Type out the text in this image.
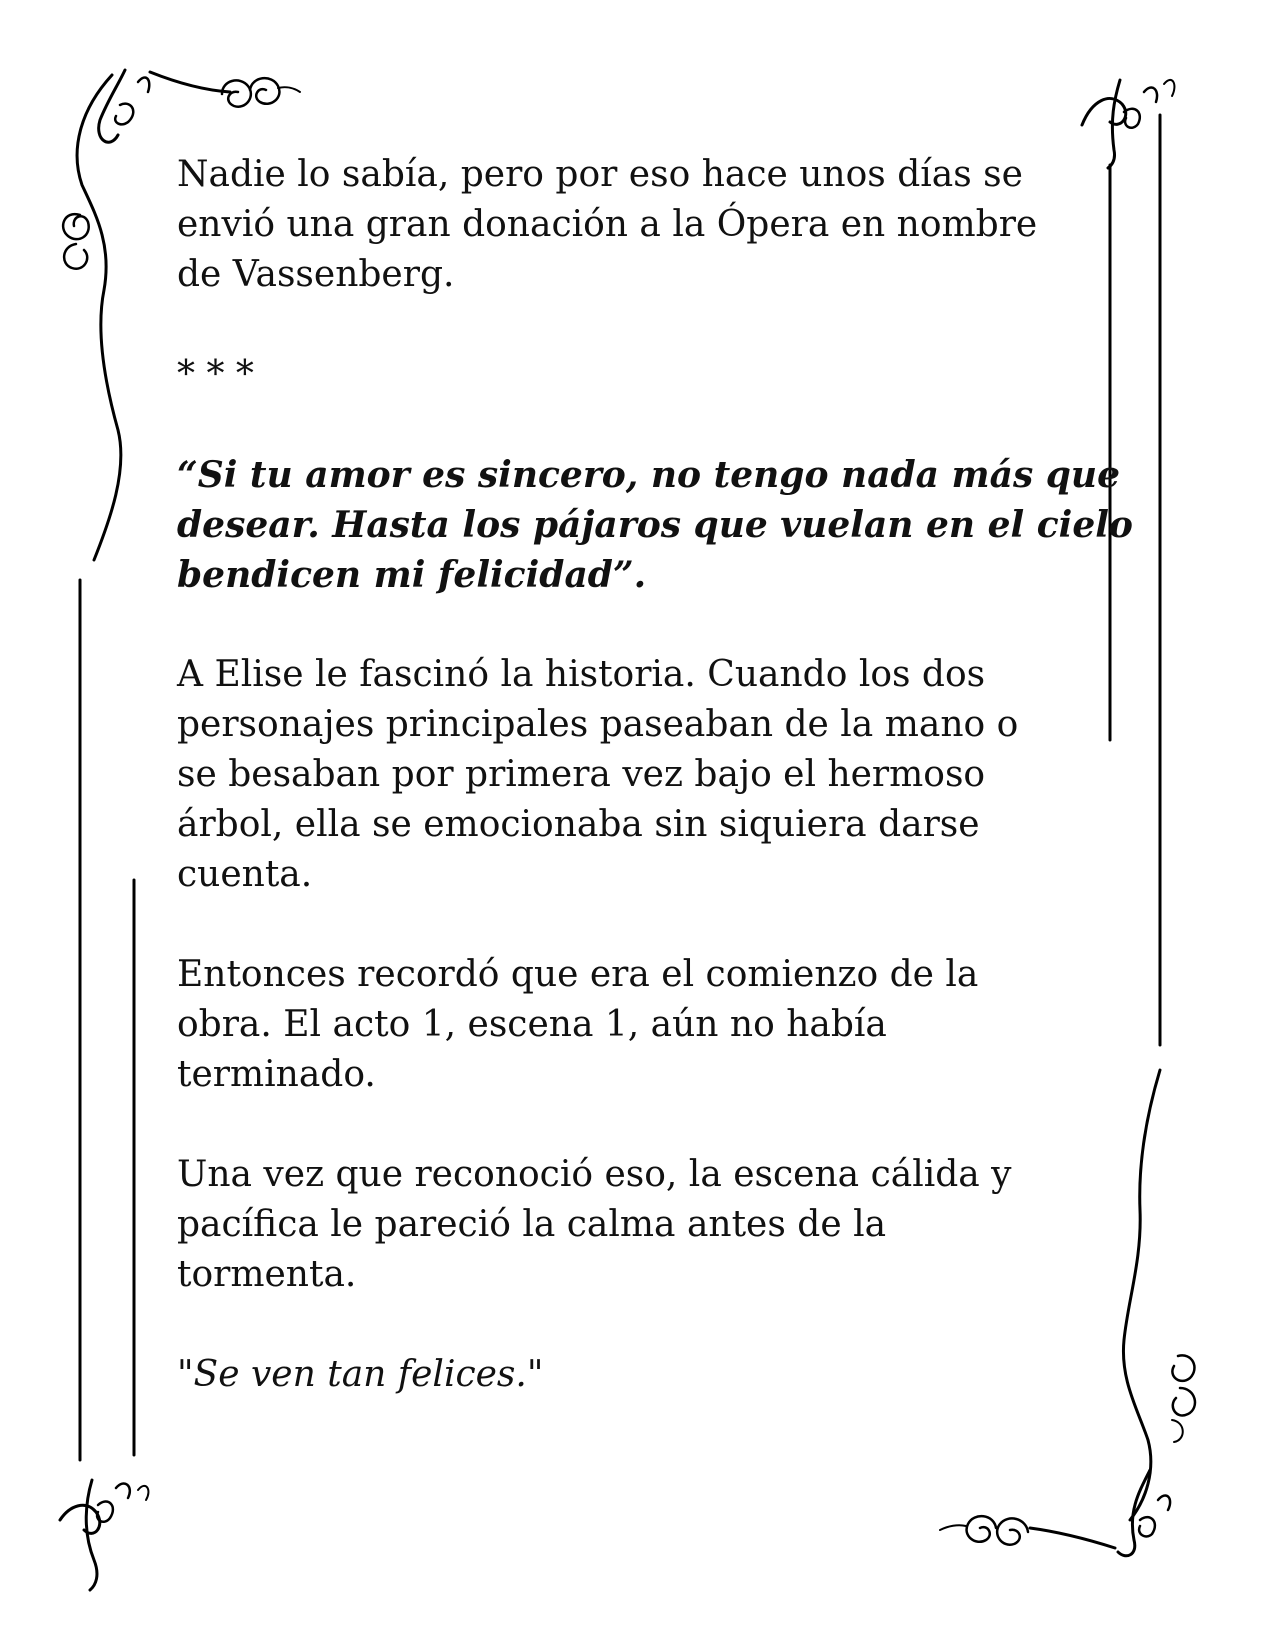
Nadie lo sabía, pero por eso hace unos días se
envió una gran donación a la Ópera en nombre
de Vassenberg.

* * *

“Si tu amor es sincero, no tengo nada más que
desear. Hasta los pájaros que vuelan en el cielo
bendicen mi felicidad”.

A Elise le fascinó la historia. Cuando los dos
personajes principales paseaban de la mano o
se besaban por primera vez bajo el hermoso
árbol, ella se emocionaba sin siquiera darse
cuenta.

Entonces recordó que era el comienzo de la
obra. El acto 1, escena 1, aún no había
terminado.

Una vez que reconoció eso, la escena cálida y
pacífica le pareció la calma antes de la
tormenta.

"Se ven tan felices."
